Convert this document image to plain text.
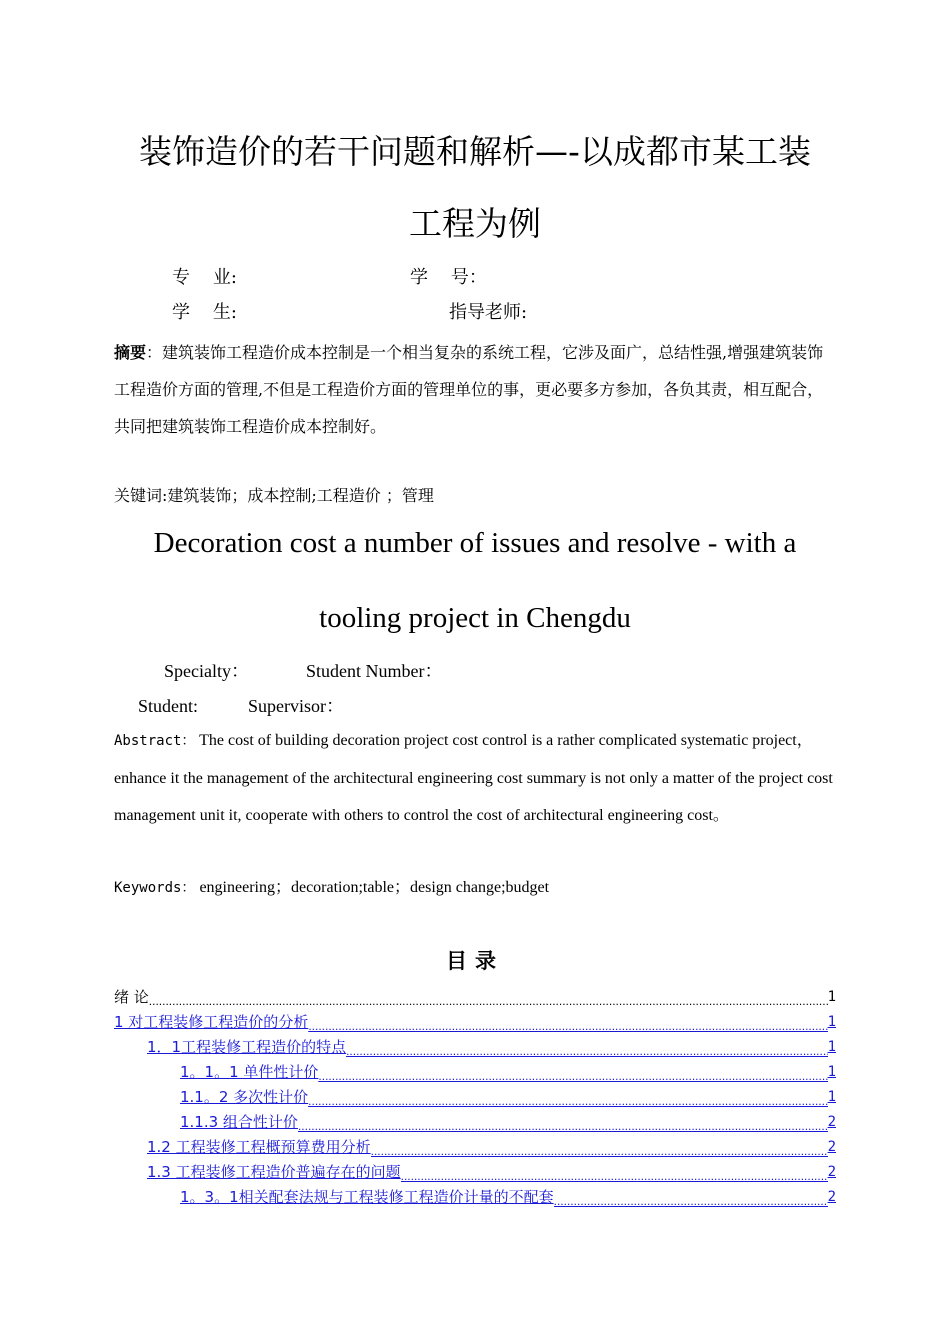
装饰造价的若干问题和解析—-以成都市某工装
工程为例
专    业:	学    号：
学    生:	指导老师:
摘要：建筑装饰工程造价成本控制是一个相当复杂的系统工程，它涉及面广，总结性强,增强建筑装饰工程造价方面的管理,不但是工程造价方面的管理单位的事，更必要多方参加，各负其责，相互配合，共同把建筑装饰工程造价成本控制好。
关键词:建筑装饰；成本控制;工程造价 ；管理
Decoration cost a number of issues and resolve - with a
tooling project in Chengdu
Specialty：	Student Number：
Student:	Supervisor：
Abstract： The cost of building decoration project cost control is a rather complicated systematic project， enhance it the management of the architectural engineering cost summary is not only a matter of the project cost management unit it, cooperate with others to control the cost of architectural engineering cost。
Keywords： engineering；decoration;table；design change;budget
目录
绪 论 .....	1
1 对工程装修工程造价的分析 .....	1
1．1工程装修工程造价的特点 .....	1
1。1。1 单件性计价 .....	1
1.1。2 多次性计价 .....	1
1.1.3 组合性计价 .....	2
1.2 工程装修工程概预算费用分析 .....	2
1.3 工程装修工程造价普遍存在的问题 .....	2
1。3。1相关配套法规与工程装修工程造价计量的不配套 .....	2
